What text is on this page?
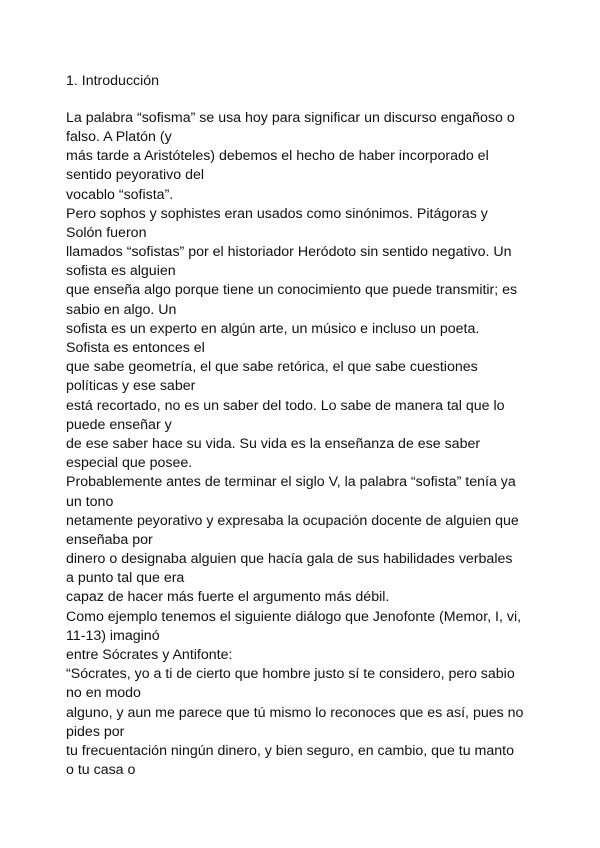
1. Introducción
La palabra “sofisma” se usa hoy para significar un discurso engañoso o
falso. A Platón (y
más tarde a Aristóteles) debemos el hecho de haber incorporado el
sentido peyorativo del
vocablo “sofista”.
Pero sophos y sophistes eran usados como sinónimos. Pitágoras y
Solón fueron
llamados “sofistas” por el historiador Heródoto sin sentido negativo. Un
sofista es alguien
que enseña algo porque tiene un conocimiento que puede transmitir; es
sabio en algo. Un
sofista es un experto en algún arte, un músico e incluso un poeta.
Sofista es entonces el
que sabe geometría, el que sabe retórica, el que sabe cuestiones
políticas y ese saber
está recortado, no es un saber del todo. Lo sabe de manera tal que lo
puede enseñar y
de ese saber hace su vida. Su vida es la enseñanza de ese saber
especial que posee.
Probablemente antes de terminar el siglo V, la palabra “sofista” tenía ya
un tono
netamente peyorativo y expresaba la ocupación docente de alguien que
enseñaba por
dinero o designaba alguien que hacía gala de sus habilidades verbales
a punto tal que era
capaz de hacer más fuerte el argumento más débil.
Como ejemplo tenemos el siguiente diálogo que Jenofonte (Memor, I, vi,
11-13) imaginó
entre Sócrates y Antifonte:
“Sócrates, yo a ti de cierto que hombre justo sí te considero, pero sabio
no en modo
alguno, y aun me parece que tú mismo lo reconoces que es así, pues no
pides por
tu frecuentación ningún dinero, y bien seguro, en cambio, que tu manto
o tu casa o
